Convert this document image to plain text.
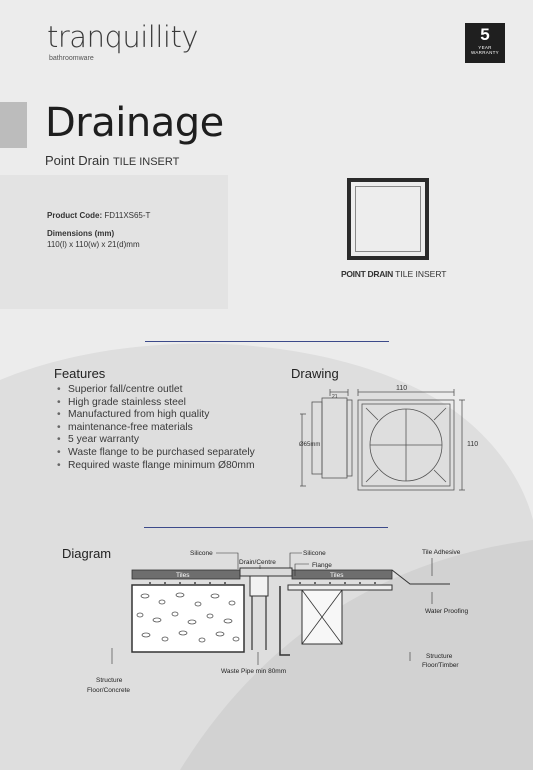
tranquillity
bathroomware
5
YEAR
WARRANTY
Drainage
Point Drain TILE INSERT
Product Code: FD11XS65-T
Dimensions (mm)
110(l) x 110(w) x 21(d)mm
POINT DRAIN TILE INSERT
Features
• Superior fall/centre outlet
• High grade stainless steel
• Manufactured from high quality
• maintenance-free materials
• 5 year warranty
• Waste flange to be purchased separately
• Required waste flange minimum Ø80mm
Drawing
110
110
21
Ø65mm
Diagram	Silicone
Drain/Centre
Silicone
Flange
Tiles	Tiles
Tile Adhesive
Water Proofing
Structure
Floor/Timber
Waste Pipe min 80mm
Structure
Floor/Concrete
